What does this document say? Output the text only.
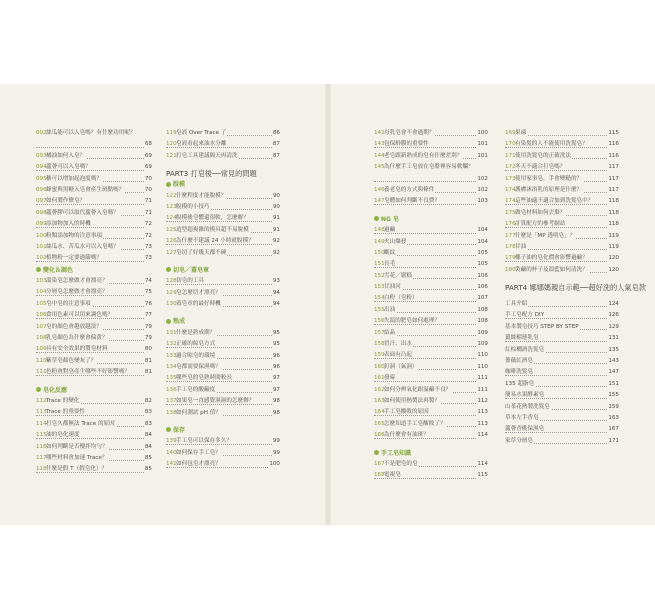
092絲瓜能可以入皂嗎？有什麼功用呢？
68
093橘油如何入皂？	69
094蘆薈可以入皂嗎？	69
095糖可以增加起泡度嗎？	70
096蜂蜜與黑糖入皂會產生斑點嗎？	70
097如何製作鹽皂？	71
098蘆薈膠可以取代蘆薈入皂嗎？	71
099添加物加入的時機	72
100粉類添加物的注意事項	72
101絲瓜水、苦瓜水可以入皂嗎？	73
102植物粉一定要過篩嗎？	73
變化＆調色
103溫染皂怎麼做才會漂亮？	74
104分層皂怎麼做才會漂亮？	75
105皂中皂的注意事項	76
106食用色素可以用來調色嗎？	77
107皂的顏色會越放越淡？	79
108乳皂顏色為什麼會偏黃？	79
109具有安全效果的製皂材料	80
110紫草皂顏色變灰了？	81
111色粉會對皂產生哪些不好影響嗎？	81
皂化反應
112Trace 的變化	82
113Trace 的重要性	83
114打皂久都無法 Trace 的原因	83
115油的皂化速度	84
116如何判斷是否攪拌均勻？	84
117哪些材料會加速 Trace？	85
118什麼是假 T（假皂化）？	85
119皂液 Over Trace 了	86
120皂液看起來油水分離	87
121打皂工具建議隔天再清洗	87
PART3 打皂後──常見的問題
脫模
122什麼程度才能脫模？	90
123脫模的小技巧	90
124脫模後皂體還很軟，怎麼辦？	91
125造型超複雜的模具超不易脫模	91
126為什麼不建議 24 小時就脫模？	92
127皂切了好幾天都不硬	92
切皂／蓋皂章
128切皂的工具	93
129皂怎麼切才漂亮？	94
130蓋皂章的最好時機	94
熟成
131什麼是熟成期？	95
132正確的晾皂方式	95
133適合晾皂的環境	96
134皂都需要保濕嗎？	96
135哪些皂的皂熟時間較長	97
136手工皂的酸鹼度	97
137如果皂一直感覺濕濕的怎麼辦？	98
138如何測試 pH 值？	98
保存
139手工皂可以保存多久？	99
140如何保存手工皂？	99
141如何包皂才漂亮？	100
142母乳皂會不會過期？	100
143包保鮮膜的重要性	101
144老皂跟新熟成的皂有什麼差別？	101
145為什麼手工皂放在皂盤裡容易軟爛？
102
146養老皂的方式與條件	102
147皂體如何判斷不良費？	103
NG 皂
148過鹼	104
149火山爆發	104
150斷紋	105
151長毛	105
152雪花／鬆糕	106
153甘油河	106
154白粉（皂粉）	107
155出油	108
156失溫的肥皂如何處理？	108
157結晶	109
158冒汗、出水	109
159表面有凸起	110
160釘洞（氣洞）	110
161發霉	111
162如何分辨氧化跟溢鹼不良？	111
163如何使用熱製法再製？	112
164手工皂酸敗的原因	113
165怎麼知道手工皂酸敗了？	113
166為什麼會有油斑？	114
手工皂知識
167不是肥皂的皂	114
168電視皂	115
169果凍	115
170有染髮的人不能使用洗髮皂？	116
171使用洗髮皂的正確洗法	116
172冬天不適合打皂嗎？	117
173使用家事皂，手會變糙的？	117
174護膚沐浴乳的原理是什麼？	117
174這些油適不適合加到洗髮皂中？	118
175做皂材料如何丟棄？	118
176計算配方的參考網站	118
177什麼是「MP 透明皂」？	119
178甘油	119
179椰子油的皂化價會影響過鹼？	120
180裝鹼的杯子及溫藍如何清洗？	120
PART4 娜娜媽親自示範──超好洗的人氣皂款
工具介紹	124
手工皂配方 DIY	126
基本製皂技巧 STEP BY STEP	129
薑絲榴蓮乳皂	131
紅棕櫚酒洗髮皂	135
薔薇紅酒皂	143
咖啡洗髮皂	147
135 超脂皂	151
簡易水果酵素皂	155
山茶花熱製洗髮皂	159
草本左手香皂	163
蘆薈香桃保濕皂	167
家草分層皂	171
